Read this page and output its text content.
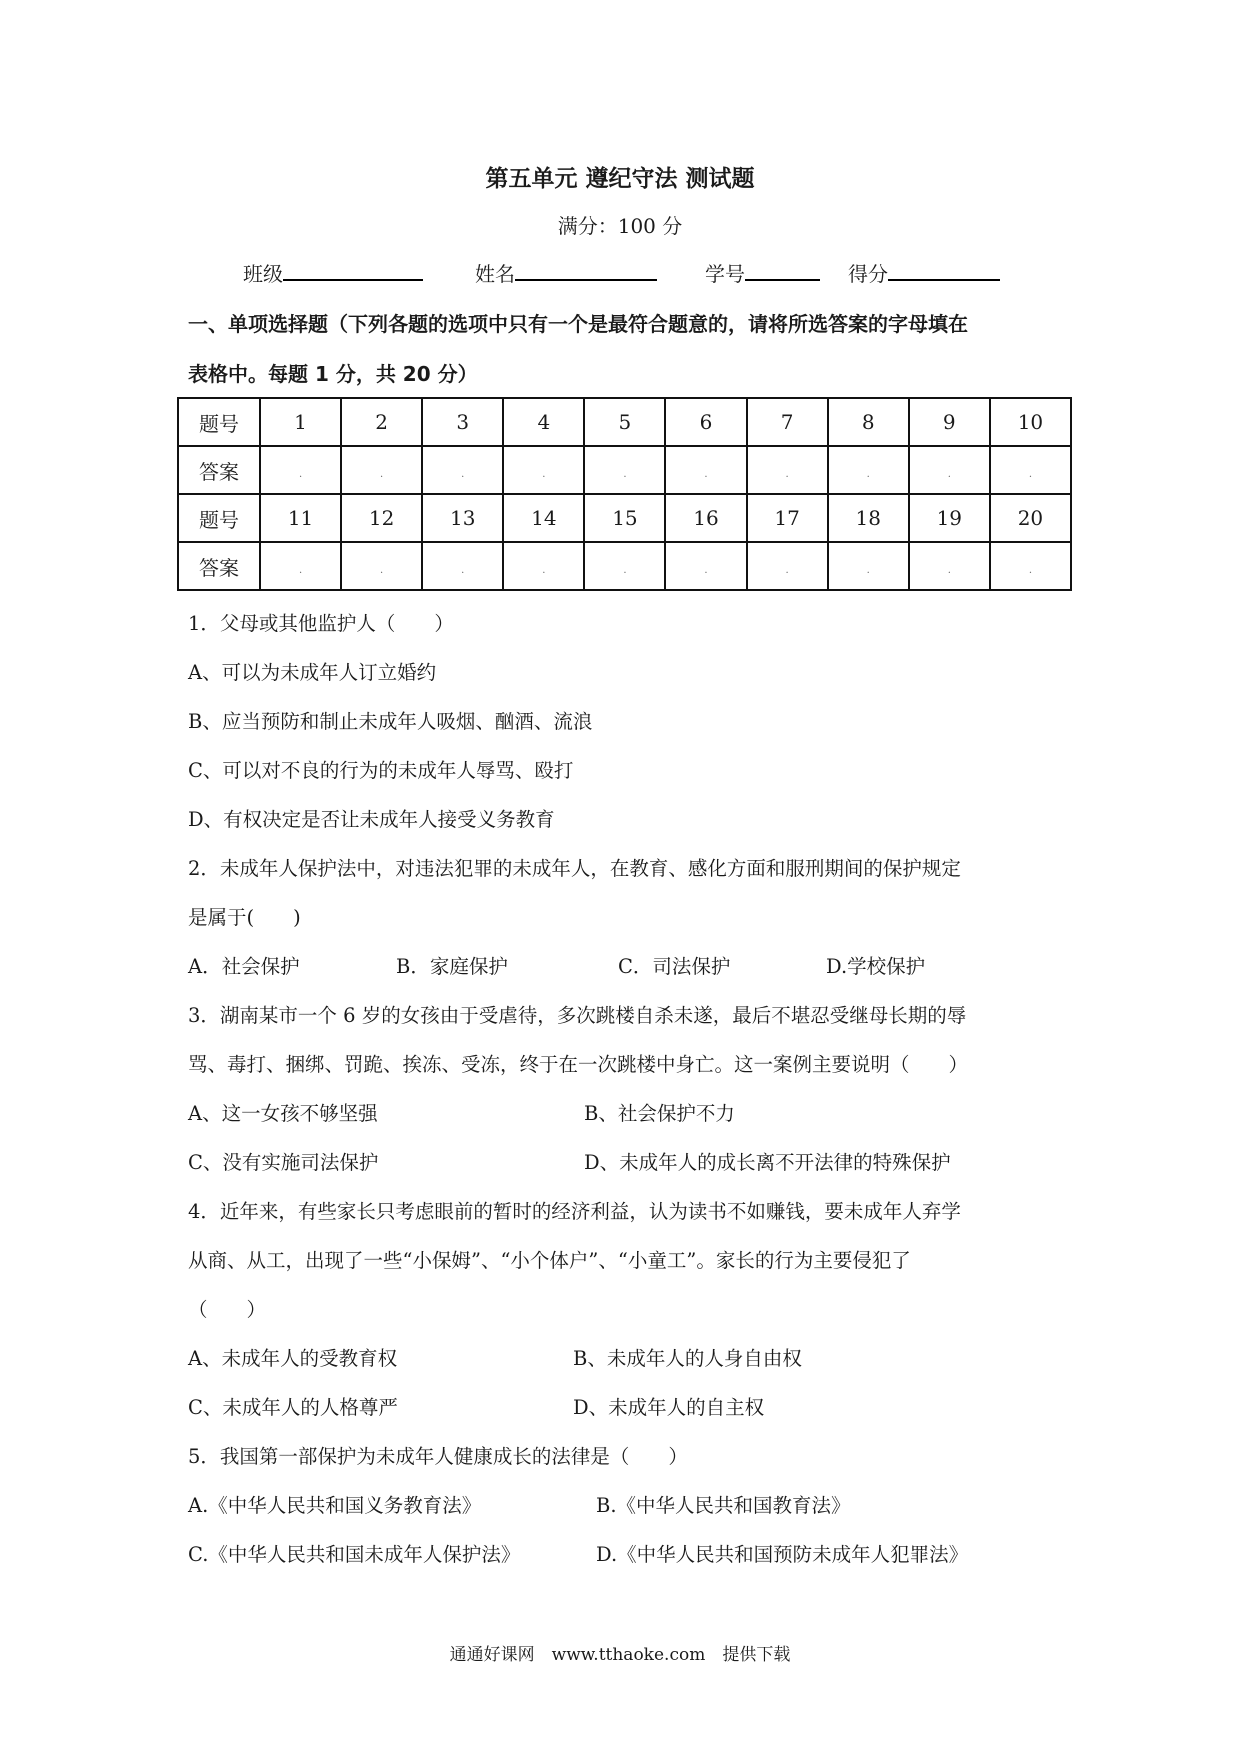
第五单元 遵纪守法 测试题
满分：100 分
班级	姓名	学号	得分
一、单项选择题（下列各题的选项中只有一个是最符合题意的，请将所选答案的字母填在
表格中。每题 1 分，共 20 分）
题号	1	2	3	4	5	6	7	8	9	10
答案	.	.	.	.	.	.	.	.	.	.
题号	11	12	13	14	15	16	17	18	19	20
答案	.	.	.	.	.	.	.	.	.	.
1．父母或其他监护人（　　）
A、可以为未成年人订立婚约
B、应当预防和制止未成年人吸烟、酗酒、流浪
C、可以对不良的行为的未成年人辱骂、殴打
D、有权决定是否让未成年人接受义务教育
2．未成年人保护法中，对违法犯罪的未成年人，在教育、感化方面和服刑期间的保护规定
是属于(　　)
A．社会保护	B．家庭保护	C．司法保护	D.学校保护
3．湖南某市一个 6 岁的女孩由于受虐待，多次跳楼自杀未遂，最后不堪忍受继母长期的辱
骂、毒打、捆绑、罚跪、挨冻、受冻，终于在一次跳楼中身亡。这一案例主要说明（　　）
A、这一女孩不够坚强	B、社会保护不力
C、没有实施司法保护	D、未成年人的成长离不开法律的特殊保护
4．近年来，有些家长只考虑眼前的暂时的经济利益，认为读书不如赚钱，要未成年人弃学
从商、从工，出现了一些“小保姆”、“小个体户”、“小童工”。家长的行为主要侵犯了
（　　）
A、未成年人的受教育权	B、未成年人的人身自由权
C、未成年人的人格尊严	D、未成年人的自主权
5．我国第一部保护为未成年人健康成长的法律是（　　）
A.《中华人民共和国义务教育法》	B.《中华人民共和国教育法》
C.《中华人民共和国未成年人保护法》	D.《中华人民共和国预防未成年人犯罪法》
通通好课网　www.tthaoke.com　提供下载
